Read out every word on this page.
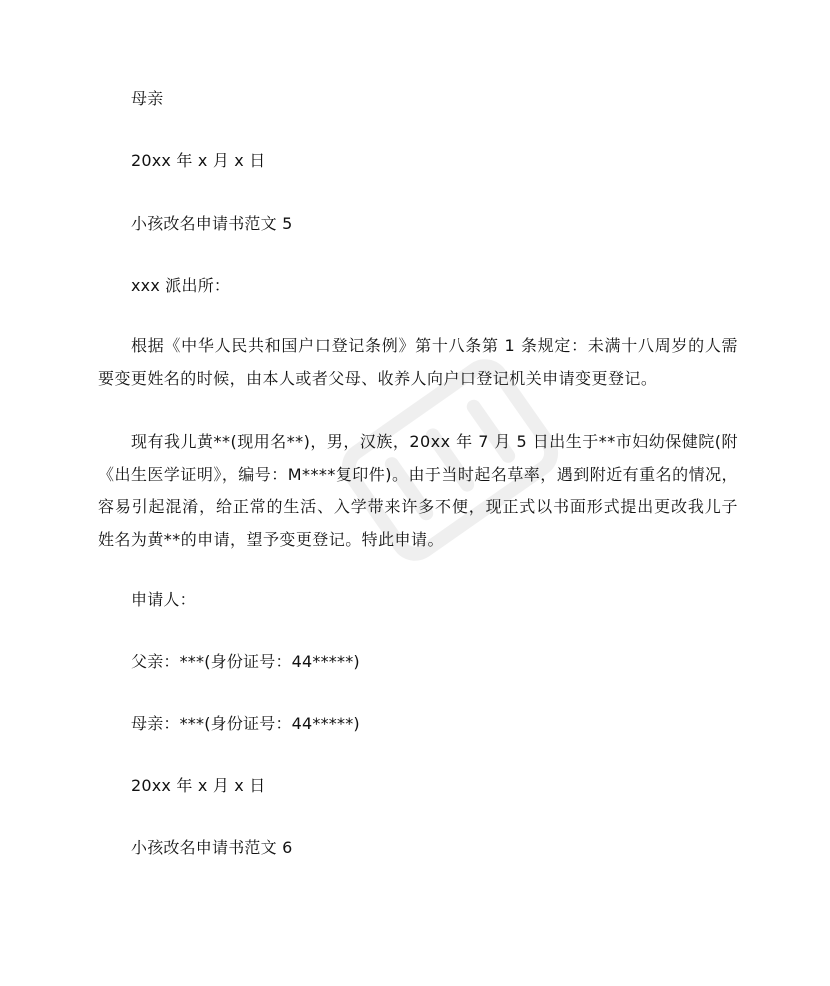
母亲
20xx 年 x 月 x 日
小孩改名申请书范文 5
xxx 派出所：
根据《中华人民共和国户口登记条例》第十八条第 1 条规定：未满十八周岁的人需要变更姓名的时候，由本人或者父母、收养人向户口登记机关申请变更登记。
现有我儿黄**(现用名**)，男，汉族，20xx 年 7 月 5 日出生于**市妇幼保健院(附《出生医学证明》，编号：M****复印件)。由于当时起名草率，遇到附近有重名的情况，容易引起混淆，给正常的生活、入学带来许多不便，现正式以书面形式提出更改我儿子姓名为黄**的申请，望予变更登记。特此申请。
申请人：
父亲：***(身份证号：44*****)
母亲：***(身份证号：44*****)
20xx 年 x 月 x 日
小孩改名申请书范文 6
